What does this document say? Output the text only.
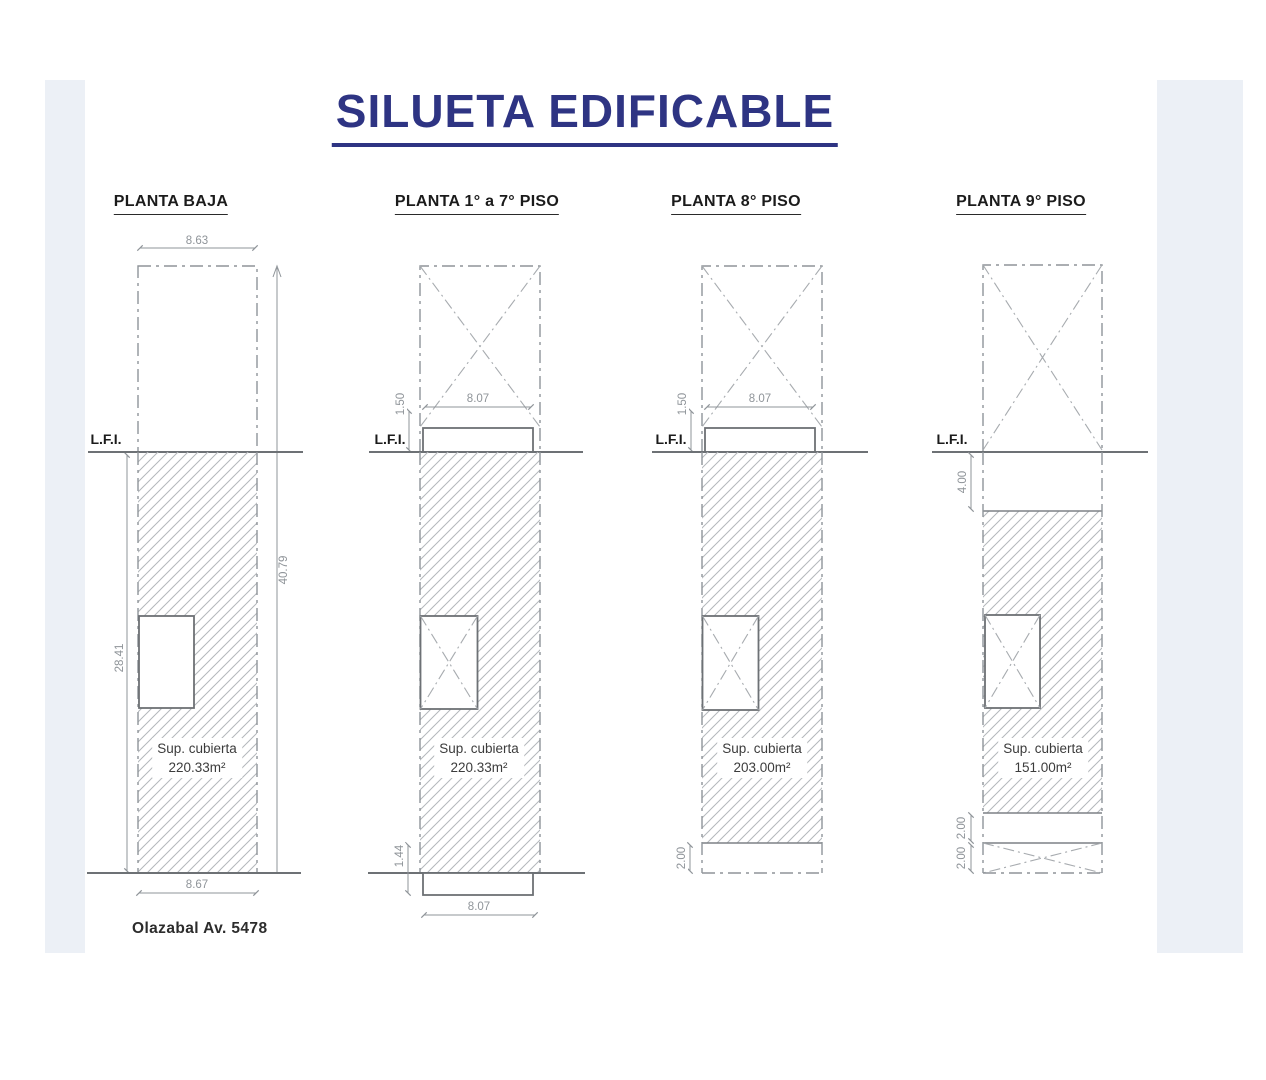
SILUETA EDIFICABLE
PLANTA BAJA	PLANTA 1° a 7° PISO	PLANTA 8° PISO	PLANTA 9° PISO
L.F.I.	L.F.I.	L.F.I.	L.F.I.
8.63
40.79
28.41
8.67
8.07
1.50
1.44
8.07
8.07
1.50
2.00
4.00
2.00
2.00
Sup. cubierta
220.33m²
Sup. cubierta
220.33m²
Sup. cubierta
203.00m²
Sup. cubierta
151.00m²
Olazabal Av. 5478
